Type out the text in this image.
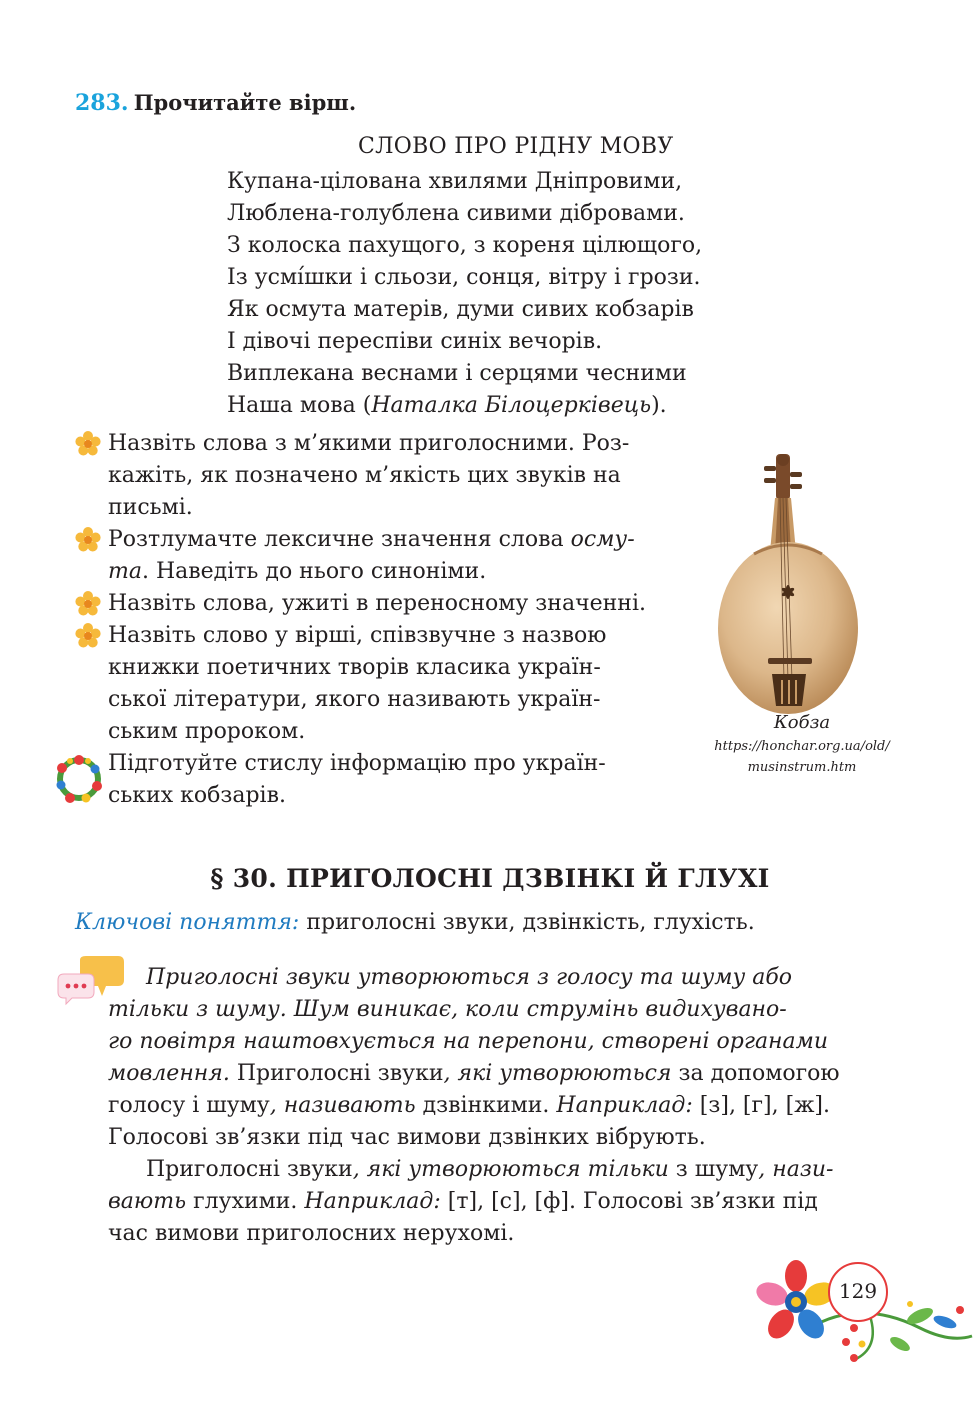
283. Прочитайте вірш.
СЛОВО ПРО РІДНУ МОВУ
Купана-цілована хвилями Дніпровими,
Люблена-голублена сивими дібровами.
З колоска пахущого, з кореня цілющого,
Із усмі́шки і сльози, сонця, вітру і грози.
Як осмута матерів, думи сивих кобзарів
І дівочі переспіви синіх вечорів.
Виплекана веснами і серцями чесними
Наша мова (Наталка Білоцерківець).
Назвіть слова з м’якими приголосними. Роз-
кажіть, як позначено м’якість цих звуків на
письмі.
Розтлумачте лексичне значення слова осму-
та. Наведіть до нього синоніми.
Назвіть слова, ужиті в переносному значенні.
Назвіть слово у вірші, співзвучне з назвою
книжки поетичних творів класика україн-
ської літератури, якого називають україн-
ським пророком.
Підготуйте стислу інформацію про україн-
ських кобзарів.
Кобза
https://honchar.org.ua/old/
musinstrum.htm
§ 30. ПРИГОЛОСНІ ДЗВІНКІ Й ГЛУХІ
Ключові поняття: приголосні звуки, дзвінкість, глухість.
Приголосні звуки утворюються з голосу та шуму або
тільки з шуму. Шум виникає, коли струмінь видихувано-
го повітря наштовхується на перепони, створені органами
мовлення. Приголосні звуки, які утворюються за допомогою
голосу і шуму, називають дзвінкими. Наприклад: [з], [г], [ж].
Голосові зв’язки під час вимови дзвінких вібрують.
Приголосні звуки, які утворюються тільки з шуму, нази-
вають глухими. Наприклад: [т], [с], [ф]. Голосові зв’язки під
час вимови приголосних нерухомі.
129
